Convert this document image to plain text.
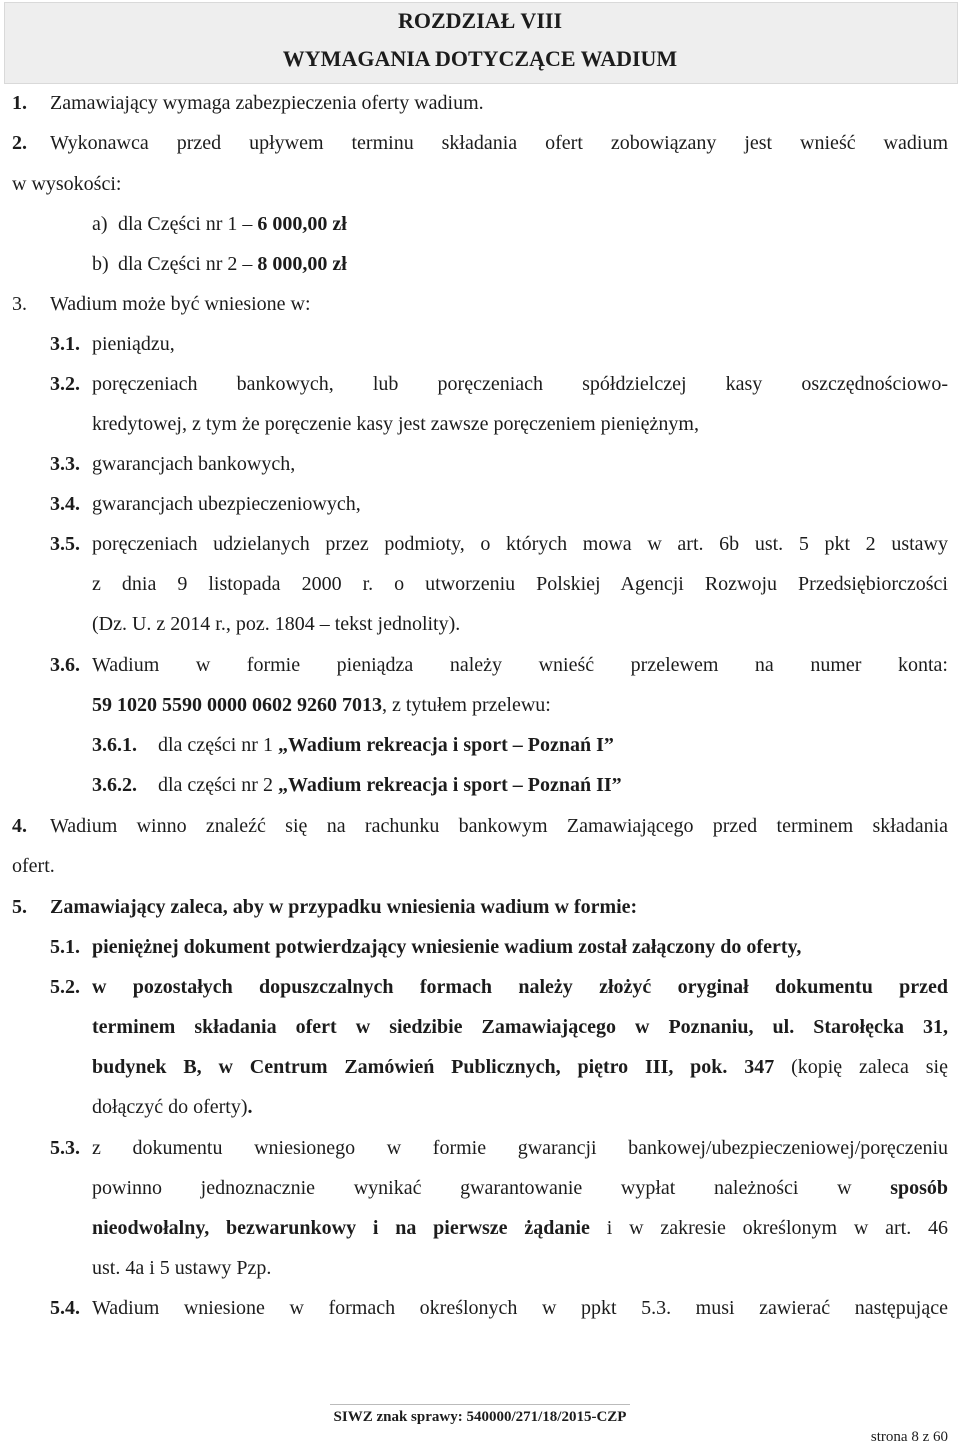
ROZDZIAŁ VIII
WYMAGANIA DOTYCZĄCE WADIUM
1. Zamawiający wymaga zabezpieczenia oferty wadium.
2. Wykonawca przed upływem terminu składania ofert zobowiązany jest wnieść wadium
w wysokości:
a) dla Części nr 1 – 6 000,00 zł
b) dla Części nr 2 – 8 000,00 zł
3. Wadium może być wniesione w:
3.1. pieniądzu,
3.2. poręczeniach bankowych, lub poręczeniach spółdzielczej kasy oszczędnościowo-
kredytowej, z tym że poręczenie kasy jest zawsze poręczeniem pieniężnym,
3.3. gwarancjach bankowych,
3.4. gwarancjach ubezpieczeniowych,
3.5. poręczeniach udzielanych przez podmioty, o których mowa w art. 6b ust. 5 pkt 2 ustawy
z dnia 9 listopada 2000 r. o utworzeniu Polskiej Agencji Rozwoju Przedsiębiorczości
(Dz. U. z 2014 r., poz. 1804 – tekst jednolity).
3.6. Wadium w formie pieniądza należy wnieść przelewem na numer konta:
59 1020 5590 0000 0602 9260 7013, z tytułem przelewu:
3.6.1. dla części nr 1 „Wadium rekreacja i sport – Poznań I”
3.6.2. dla części nr 2 „Wadium rekreacja i sport – Poznań II”
4. Wadium winno znaleźć się na rachunku bankowym Zamawiającego przed terminem składania
ofert.
5. Zamawiający zaleca, aby w przypadku wniesienia wadium w formie:
5.1. pieniężnej dokument potwierdzający wniesienie wadium został załączony do oferty,
5.2. w pozostałych dopuszczalnych formach należy złożyć oryginał dokumentu przed
terminem składania ofert w siedzibie Zamawiającego w Poznaniu, ul. Starołęcka 31,
budynek B, w Centrum Zamówień Publicznych, piętro III, pok. 347 (kopię zaleca się
dołączyć do oferty).
5.3. z dokumentu wniesionego w formie gwarancji bankowej/ubezpieczeniowej/poręczeniu
powinno jednoznacznie wynikać gwarantowanie wypłat należności w sposób
nieodwołalny, bezwarunkowy i na pierwsze żądanie i w zakresie określonym w art. 46
ust. 4a i 5 ustawy Pzp.
5.4. Wadium wniesione w formach określonych w ppkt 5.3. musi zawierać następujące
SIWZ znak sprawy: 540000/271/18/2015-CZP
strona 8 z 60
